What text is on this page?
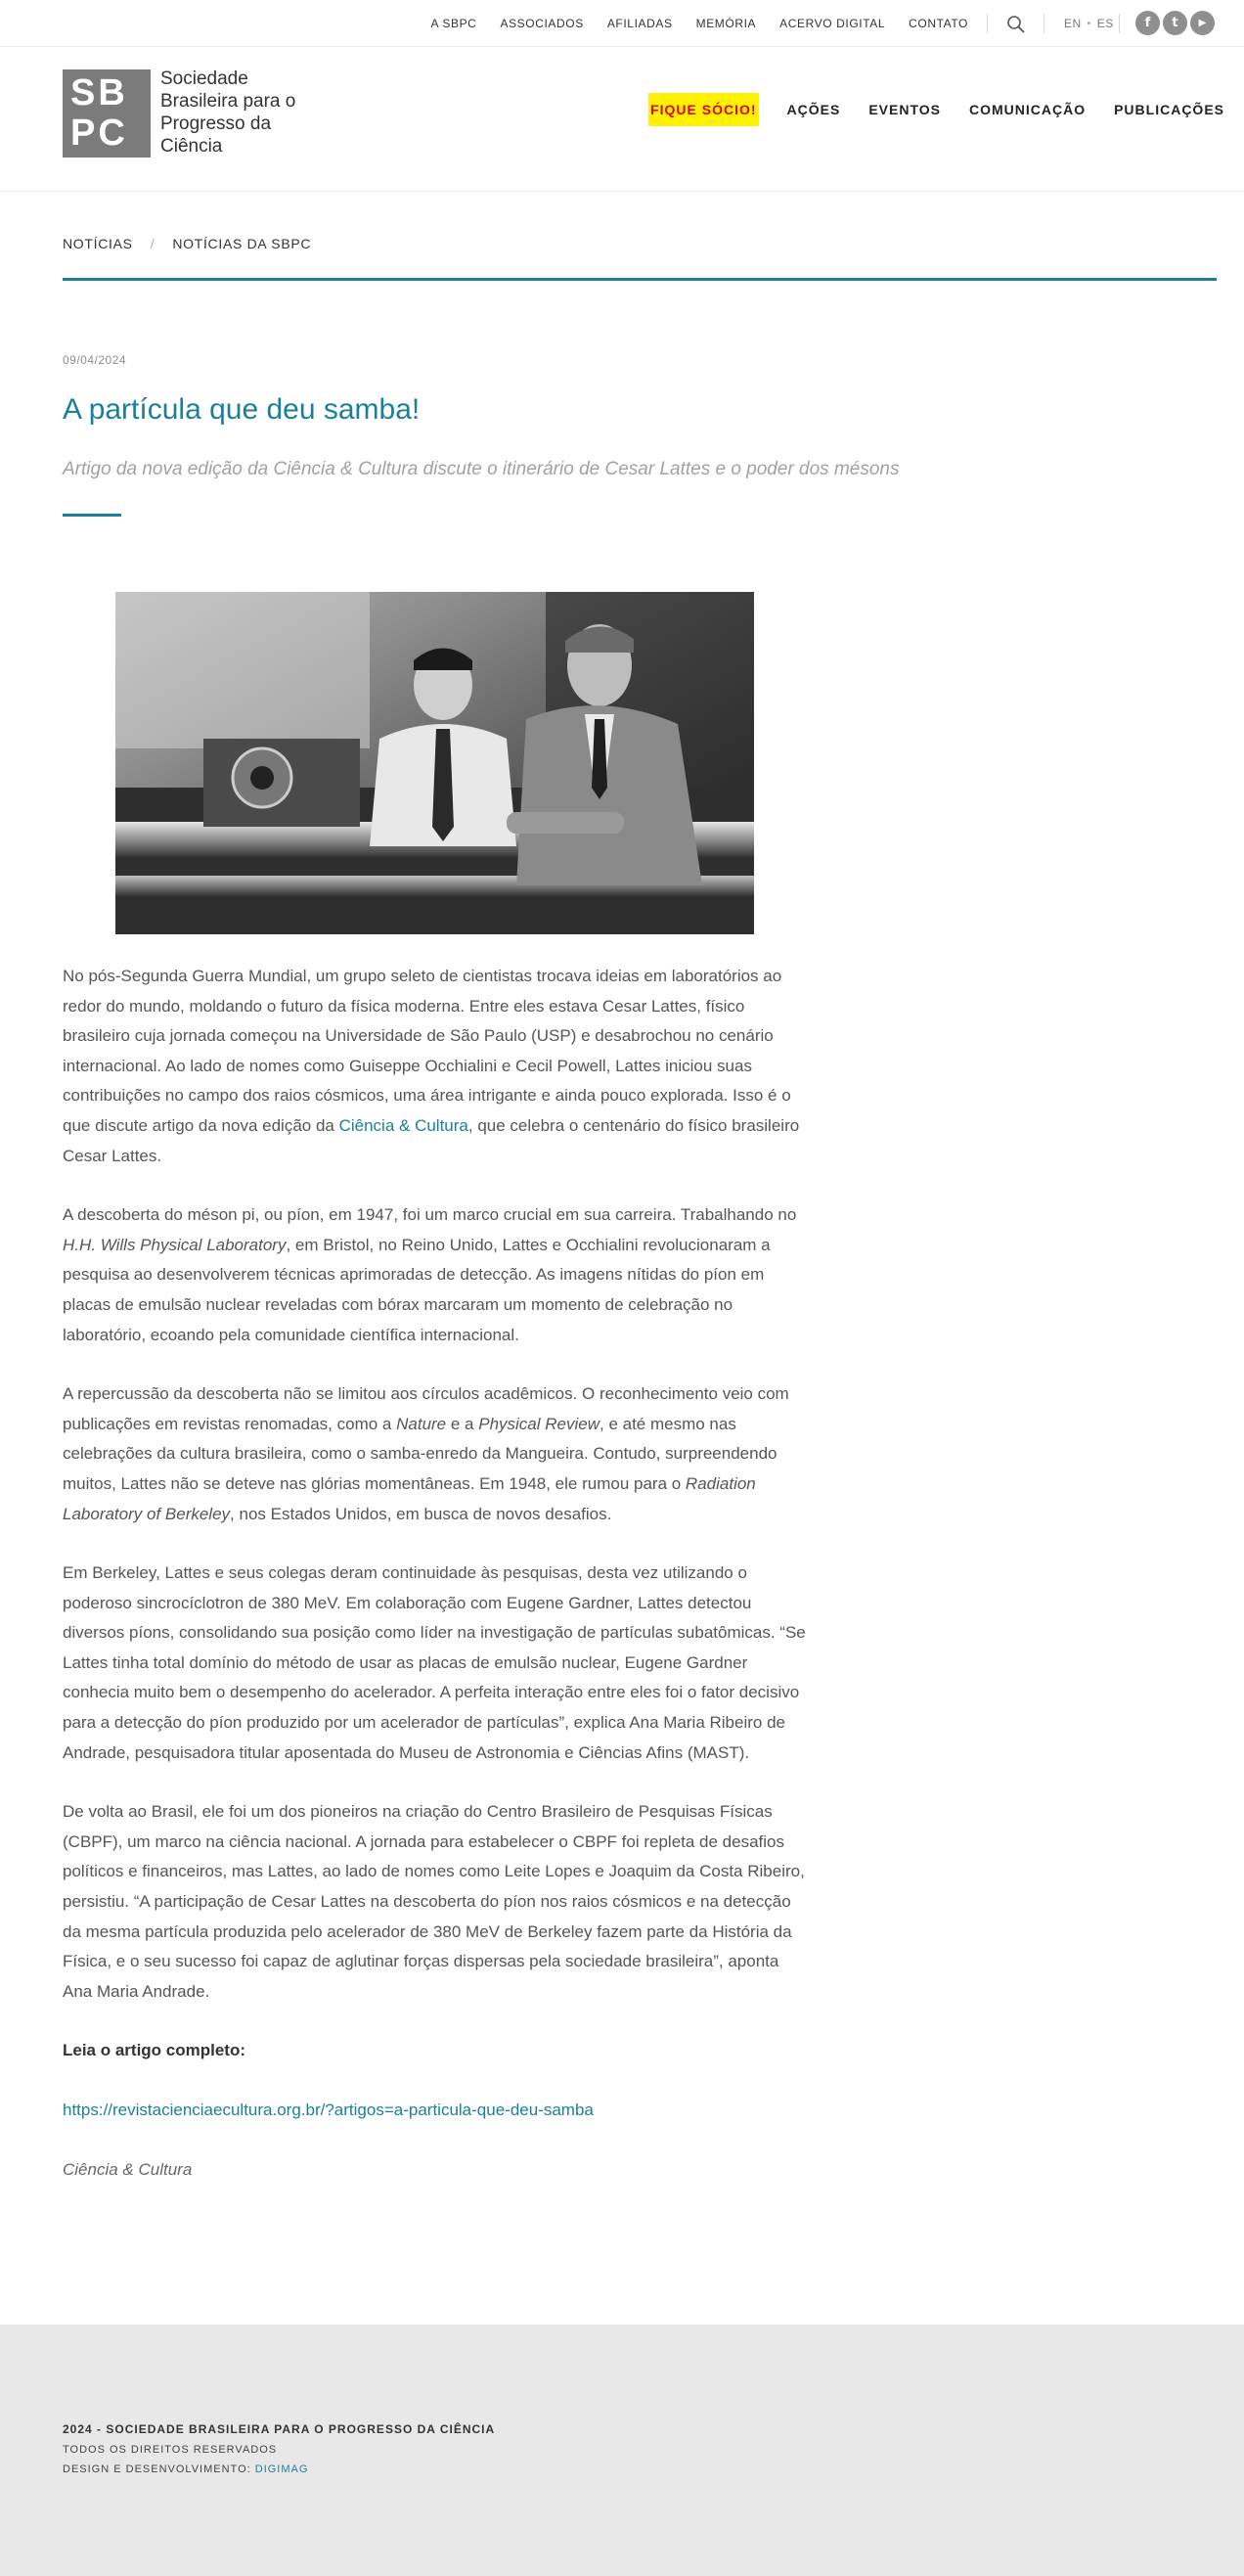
A SBPC ASSOCIADOS AFILIADAS MEMÓRIA ACERVO DIGITAL CONTATO	EN • ES	f	t	▶
SB
PC
Sociedade Brasileira para o Progresso da Ciência
FIQUE SÓCIO! AÇÕES EVENTOS COMUNICAÇÃO PUBLICAÇÕES
NOTÍCIAS / NOTÍCIAS DA SBPC
09/04/2024
A partícula que deu samba!
Artigo da nova edição da Ciência & Cultura discute o itinerário de Cesar Lattes e o poder dos mésons

No pós-Segunda Guerra Mundial, um grupo seleto de cientistas trocava ideias em laboratórios ao redor do mundo, moldando o futuro da física moderna. Entre eles estava Cesar Lattes, físico brasileiro cuja jornada começou na Universidade de São Paulo (USP) e desabrochou no cenário internacional. Ao lado de nomes como Guiseppe Occhialini e Cecil Powell, Lattes iniciou suas contribuições no campo dos raios cósmicos, uma área intrigante e ainda pouco explorada. Isso é o que discute artigo da nova edição da Ciência & Cultura, que celebra o centenário do físico brasileiro Cesar Lattes.

A descoberta do méson pi, ou píon, em 1947, foi um marco crucial em sua carreira. Trabalhando no H.H. Wills Physical Laboratory, em Bristol, no Reino Unido, Lattes e Occhialini revolucionaram a pesquisa ao desenvolverem técnicas aprimoradas de detecção. As imagens nítidas do píon em placas de emulsão nuclear reveladas com bórax marcaram um momento de celebração no laboratório, ecoando pela comunidade científica internacional.

A repercussão da descoberta não se limitou aos círculos acadêmicos. O reconhecimento veio com publicações em revistas renomadas, como a Nature e a Physical Review, e até mesmo nas celebrações da cultura brasileira, como o samba-enredo da Mangueira. Contudo, surpreendendo muitos, Lattes não se deteve nas glórias momentâneas. Em 1948, ele rumou para o Radiation Laboratory of Berkeley, nos Estados Unidos, em busca de novos desafios.

Em Berkeley, Lattes e seus colegas deram continuidade às pesquisas, desta vez utilizando o poderoso sincrocíclotron de 380 MeV. Em colaboração com Eugene Gardner, Lattes detectou diversos píons, consolidando sua posição como líder na investigação de partículas subatômicas. “Se Lattes tinha total domínio do método de usar as placas de emulsão nuclear, Eugene Gardner conhecia muito bem o desempenho do acelerador. A perfeita interação entre eles foi o fator decisivo para a detecção do píon produzido por um acelerador de partículas”, explica Ana Maria Ribeiro de Andrade, pesquisadora titular aposentada do Museu de Astronomia e Ciências Afins (MAST).

De volta ao Brasil, ele foi um dos pioneiros na criação do Centro Brasileiro de Pesquisas Físicas (CBPF), um marco na ciência nacional. A jornada para estabelecer o CBPF foi repleta de desafios políticos e financeiros, mas Lattes, ao lado de nomes como Leite Lopes e Joaquim da Costa Ribeiro, persistiu. “A participação de Cesar Lattes na descoberta do píon nos raios cósmicos e na detecção da mesma partícula produzida pelo acelerador de 380 MeV de Berkeley fazem parte da História da Física, e o seu sucesso foi capaz de aglutinar forças dispersas pela sociedade brasileira”, aponta Ana Maria Andrade.

Leia o artigo completo:

https://revistacienciaecultura.org.br/?artigos=a-particula-que-deu-samba

Ciência & Cultura

2024 - SOCIEDADE BRASILEIRA PARA O PROGRESSO DA CIÊNCIA
TODOS OS DIREITOS RESERVADOS
DESIGN E DESENVOLVIMENTO: DIGIMAG
